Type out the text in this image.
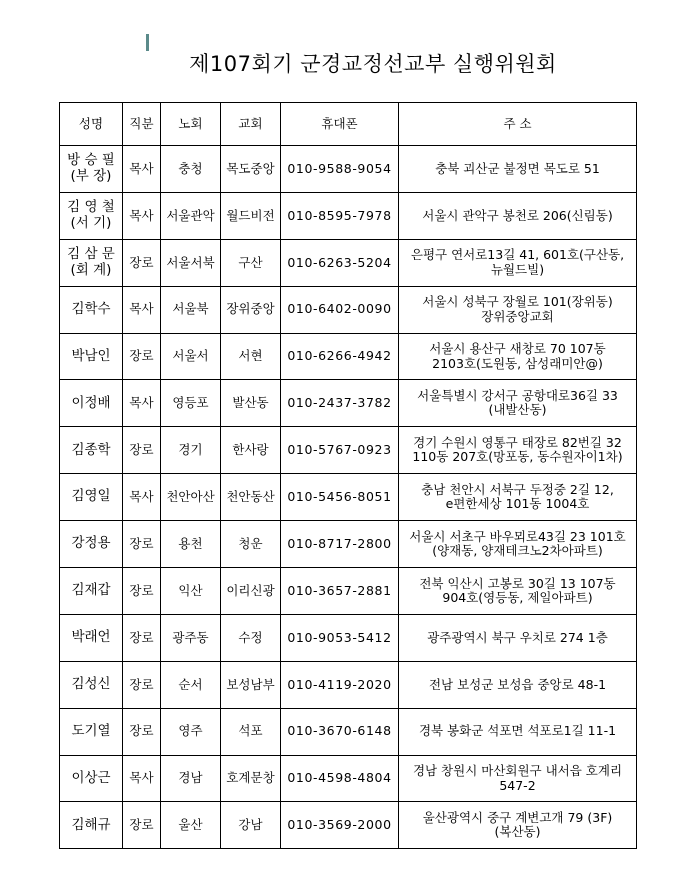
제107회기 군경교정선교부 실행위원회
성명	직분	노회	교회	휴대폰	주 소

방 승 필
(부 장)	목사	충청	목도중앙	010-9588-9054	충북 괴산군 불정면 목도로 51

김 영 철
(서 기)	목사	서울관악	월드비전	010-8595-7978	서울시 관악구 봉천로 206(신림동)

김 삼 문
(회 계)	장로	서울서북	구산	010-6263-5204	은평구 연서로13길 41, 601호(구산동,
뉴월드빌)

김학수	목사	서울북	장위중앙	010-6402-0090	서울시 성북구 장월로 101(장위동)
장위중앙교회

박남인	장로	서울서	서현	010-6266-4942	서울시 용산구 새창로 70 107동
2103호(도원동, 삼성래미안@)

이정배	목사	영등포	발산동	010-2437-3782	서울특별시 강서구 공항대로36길 33
(내발산동)

김종학	장로	경기	한사랑	010-5767-0923	경기 수원시 영통구 태장로 82번길 32
110동 207호(망포동, 동수원자이1차)

김영일	목사	천안아산	천안동산	010-5456-8051	충남 천안시 서북구 두정중 2길 12,
e편한세상 101동 1004호

강정용	장로	용천	청운	010-8717-2800	서울시 서초구 바우뫼로43길 23 101호
(양재동, 양재테크노2차아파트)

김재갑	장로	익산	이리신광	010-3657-2881	전북 익산시 고봉로 30길 13 107동
904호(영등동, 제일아파트)

박래언	장로	광주동	수정	010-9053-5412	광주광역시 북구 우치로 274 1층

김성신	장로	순서	보성남부	010-4119-2020	전남 보성군 보성읍 중앙로 48-1

도기열	장로	영주	석포	010-3670-6148	경북 봉화군 석포면 석포로1길 11-1

이상근	목사	경남	호계문창	010-4598-4804	경남 창원시 마산회원구 내서읍 호계리
547-2

김해규	장로	울산	강남	010-3569-2000	울산광역시 중구 계변고개 79 (3F)
(복산동)
